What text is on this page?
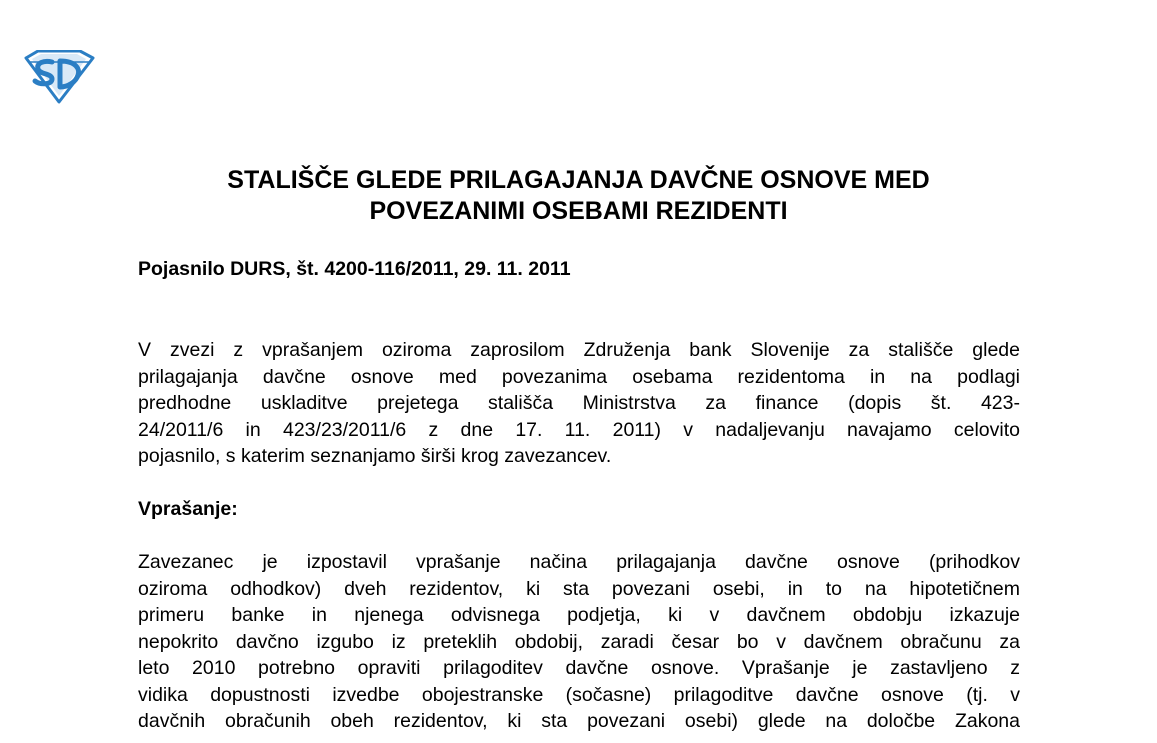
STALIŠČE GLEDE PRILAGAJANJA DAVČNE OSNOVE MED
POVEZANIMI OSEBAMI REZIDENTI

Pojasnilo DURS, št. 4200-116/2011, 29. 11. 2011

V zvezi z vprašanjem oziroma zaprosilom Združenja bank Slovenije za stališče glede
prilagajanja davčne osnove med povezanima osebama rezidentoma in na podlagi
predhodne uskladitve prejetega stališča Ministrstva za finance (dopis št. 423-
24/2011/6 in 423/23/2011/6 z dne 17. 11. 2011) v nadaljevanju navajamo celovito
pojasnilo, s katerim seznanjamo širši krog zavezancev.

Vprašanje:

Zavezanec je izpostavil vprašanje načina prilagajanja davčne osnove (prihodkov
oziroma odhodkov) dveh rezidentov, ki sta povezani osebi, in to na hipotetičnem
primeru banke in njenega odvisnega podjetja, ki v davčnem obdobju izkazuje
nepokrito davčno izgubo iz preteklih obdobij, zaradi česar bo v davčnem obračunu za
leto 2010 potrebno opraviti prilagoditev davčne osnove. Vprašanje je zastavljeno z
vidika dopustnosti izvedbe obojestranske (sočasne) prilagoditve davčne osnove (tj. v
davčnih obračunih obeh rezidentov, ki sta povezani osebi) glede na določbe Zakona
